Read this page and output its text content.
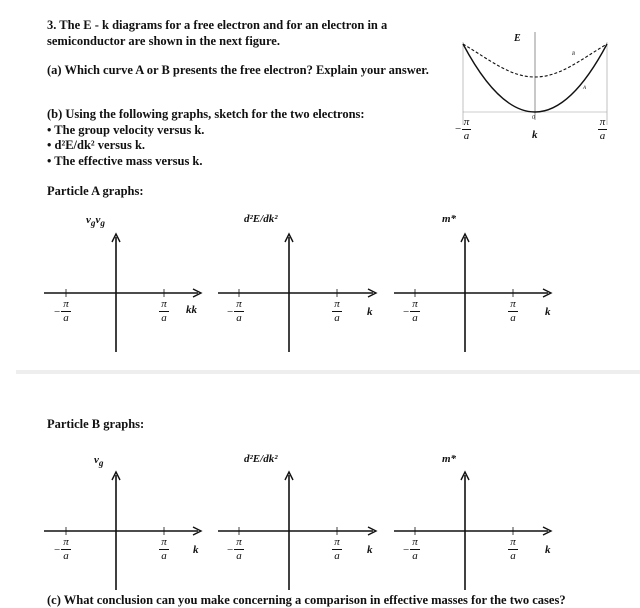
3. The E - k diagrams for a free electron and for an electron in a
semiconductor are shown in the next figure.
(a) Which curve A or B presents the free electron? Explain your answer.
(b) Using the following graphs, sketch for the two electrons:
• The group velocity versus k.
• d²E/dk² versus k.
• The effective mass versus k.
E
B
A
0
k
−
π
a
π
a
Particle A graphs:
$v_gv_g$
kk
d²E/dk²
k
m*
k
−
π
a
π
a	−
π
a
π
a	−
π
a
π
a
Particle B graphs:
$v_g$
k
d²E/dk²
k
m*
k
−
π
a
π
a	−
π
a
π
a	−
π
a
π
a
(c) What conclusion can you make concerning a comparison in effective masses for the two cases?
